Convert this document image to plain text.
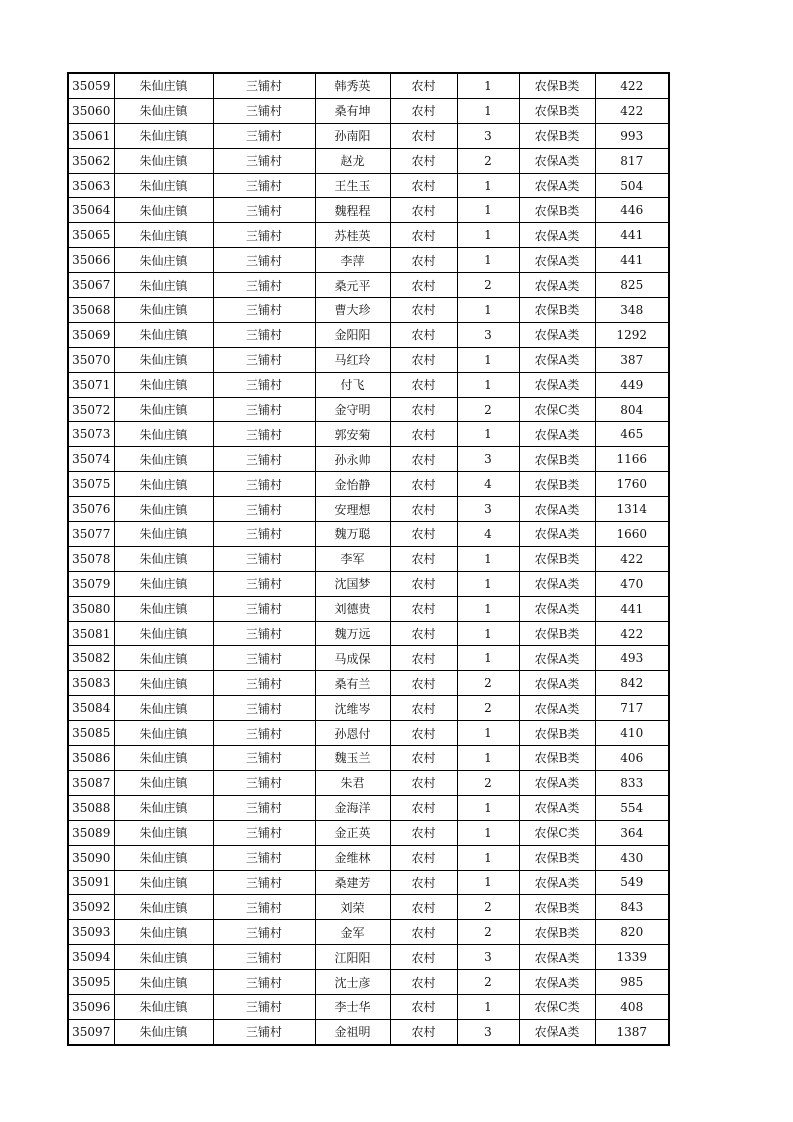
35059	朱仙庄镇	三铺村	韩秀英	农村	1	农保B类	422
35060	朱仙庄镇	三铺村	桑有坤	农村	1	农保B类	422
35061	朱仙庄镇	三铺村	孙南阳	农村	3	农保B类	993
35062	朱仙庄镇	三铺村	赵龙	农村	2	农保A类	817
35063	朱仙庄镇	三铺村	王生玉	农村	1	农保A类	504
35064	朱仙庄镇	三铺村	魏程程	农村	1	农保B类	446
35065	朱仙庄镇	三铺村	苏桂英	农村	1	农保A类	441
35066	朱仙庄镇	三铺村	李萍	农村	1	农保A类	441
35067	朱仙庄镇	三铺村	桑元平	农村	2	农保A类	825
35068	朱仙庄镇	三铺村	曹大珍	农村	1	农保B类	348
35069	朱仙庄镇	三铺村	金阳阳	农村	3	农保A类	1292
35070	朱仙庄镇	三铺村	马红玲	农村	1	农保A类	387
35071	朱仙庄镇	三铺村	付飞	农村	1	农保A类	449
35072	朱仙庄镇	三铺村	金守明	农村	2	农保C类	804
35073	朱仙庄镇	三铺村	郭安菊	农村	1	农保A类	465
35074	朱仙庄镇	三铺村	孙永帅	农村	3	农保B类	1166
35075	朱仙庄镇	三铺村	金怡静	农村	4	农保B类	1760
35076	朱仙庄镇	三铺村	安理想	农村	3	农保A类	1314
35077	朱仙庄镇	三铺村	魏万聪	农村	4	农保A类	1660
35078	朱仙庄镇	三铺村	李军	农村	1	农保B类	422
35079	朱仙庄镇	三铺村	沈国梦	农村	1	农保A类	470
35080	朱仙庄镇	三铺村	刘德贵	农村	1	农保A类	441
35081	朱仙庄镇	三铺村	魏万远	农村	1	农保B类	422
35082	朱仙庄镇	三铺村	马成保	农村	1	农保A类	493
35083	朱仙庄镇	三铺村	桑有兰	农村	2	农保A类	842
35084	朱仙庄镇	三铺村	沈维岑	农村	2	农保A类	717
35085	朱仙庄镇	三铺村	孙恩付	农村	1	农保B类	410
35086	朱仙庄镇	三铺村	魏玉兰	农村	1	农保B类	406
35087	朱仙庄镇	三铺村	朱君	农村	2	农保A类	833
35088	朱仙庄镇	三铺村	金海洋	农村	1	农保A类	554
35089	朱仙庄镇	三铺村	金正英	农村	1	农保C类	364
35090	朱仙庄镇	三铺村	金维林	农村	1	农保B类	430
35091	朱仙庄镇	三铺村	桑建芳	农村	1	农保A类	549
35092	朱仙庄镇	三铺村	刘荣	农村	2	农保B类	843
35093	朱仙庄镇	三铺村	金军	农村	2	农保B类	820
35094	朱仙庄镇	三铺村	江阳阳	农村	3	农保A类	1339
35095	朱仙庄镇	三铺村	沈士彦	农村	2	农保A类	985
35096	朱仙庄镇	三铺村	李士华	农村	1	农保C类	408
35097	朱仙庄镇	三铺村	金祖明	农村	3	农保A类	1387
